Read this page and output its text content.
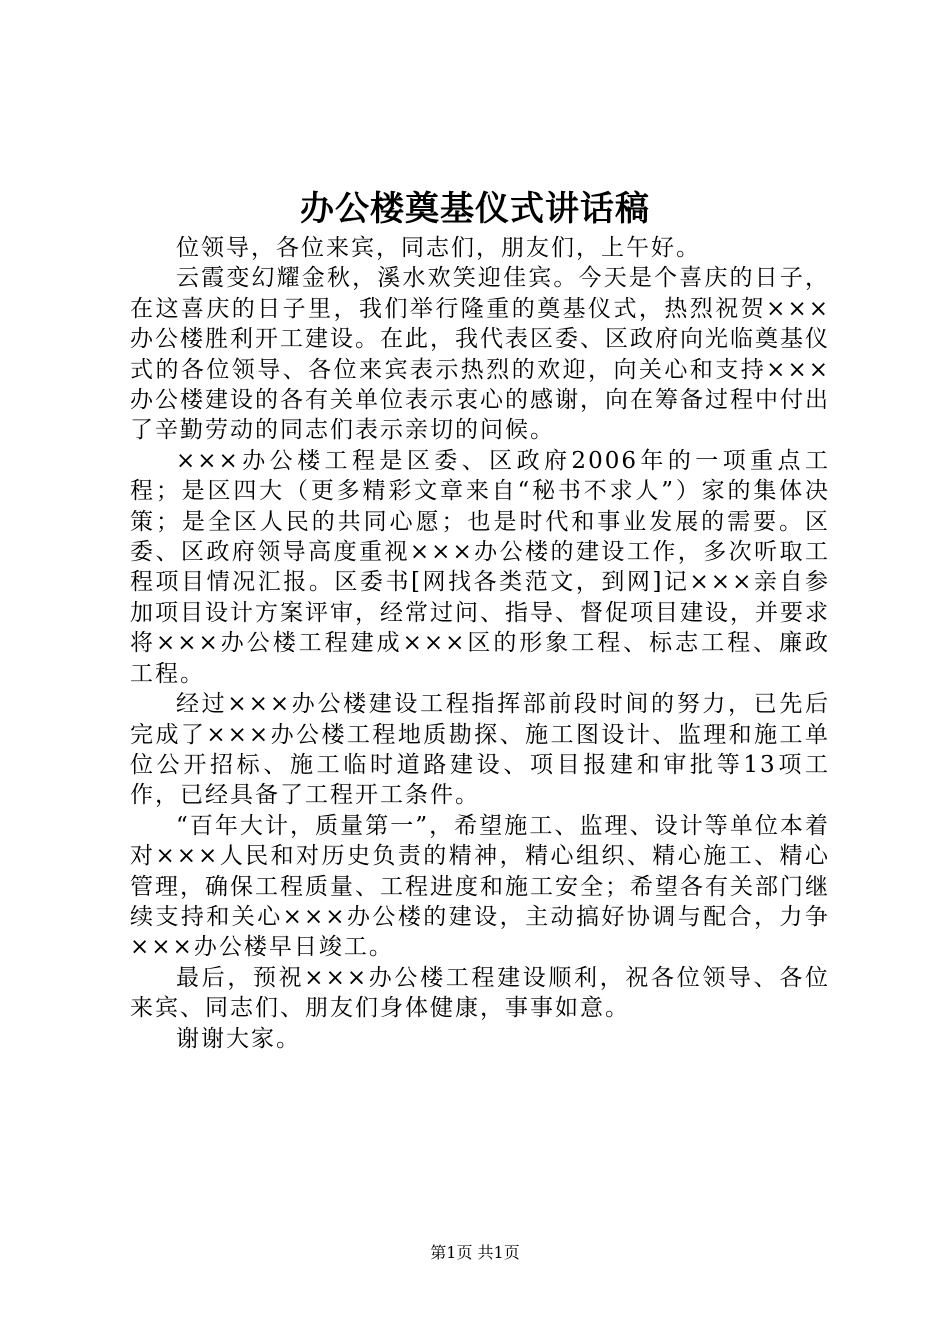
办公楼奠基仪式讲话稿

位领导，各位来宾，同志们，朋友们，上午好。

云霞变幻耀金秋，溪水欢笑迎佳宾。今天是个喜庆的日子，在这喜庆的日子里，我们举行隆重的奠基仪式，热烈祝贺×××办公楼胜利开工建设。在此，我代表区委、区政府向光临奠基仪式的各位领导、各位来宾表示热烈的欢迎，向关心和支持×××办公楼建设的各有关单位表示衷心的感谢，向在筹备过程中付出了辛勤劳动的同志们表示亲切的问候。

×××办公楼工程是区委、区政府2006年的一项重点工程；是区四大（更多精彩文章来自“秘书不求人”）家的集体决策；是全区人民的共同心愿；也是时代和事业发展的需要。区委、区政府领导高度重视×××办公楼的建设工作，多次听取工程项目情况汇报。区委书[网找各类范文，到网]记×××亲自参加项目设计方案评审，经常过问、指导、督促项目建设，并要求将×××办公楼工程建成×××区的形象工程、标志工程、廉政工程。

经过×××办公楼建设工程指挥部前段时间的努力，已先后完成了×××办公楼工程地质勘探、施工图设计、监理和施工单位公开招标、施工临时道路建设、项目报建和审批等13项工作，已经具备了工程开工条件。

“百年大计，质量第一”，希望施工、监理、设计等单位本着对×××人民和对历史负责的精神，精心组织、精心施工、精心管理，确保工程质量、工程进度和施工安全；希望各有关部门继续支持和关心×××办公楼的建设，主动搞好协调与配合，力争×××办公楼早日竣工。

最后，预祝×××办公楼工程建设顺利，祝各位领导、各位来宾、同志们、朋友们身体健康，事事如意。

谢谢大家。

第1页 共1页
